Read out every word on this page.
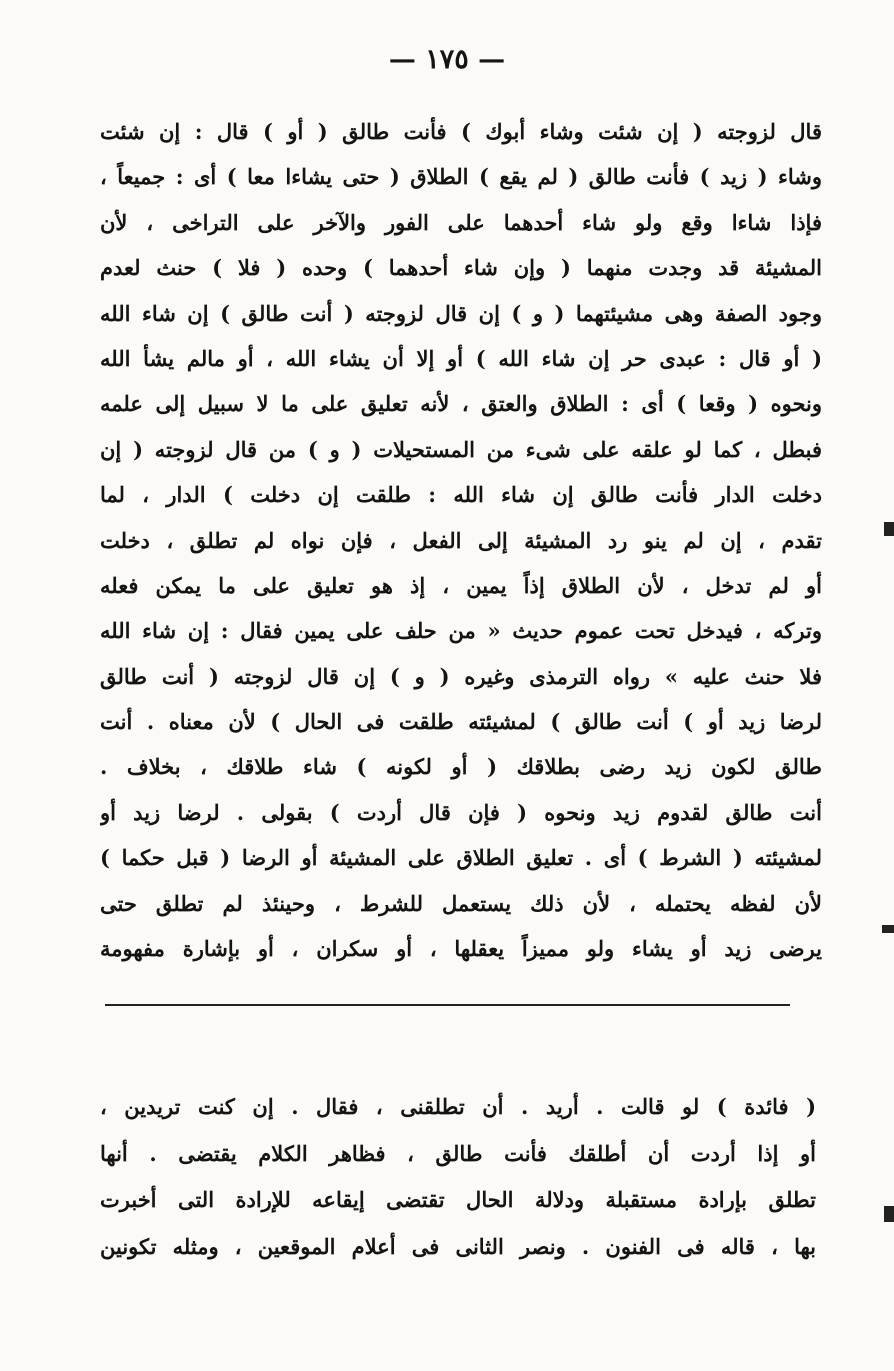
— ١٧٥ —
قال لزوجته ( إن شئت وشاء أبوك ) فأنت طالق ( أو ) قال : إن شئت
وشاء ( زيد ) فأنت طالق ( لم يقع ) الطلاق ( حتى يشاءا معا ) أى : جميعاً ،
فإذا شاءا وقع ولو شاء أحدهما على الفور والآخر على التراخى ، لأن
المشيئة قد وجدت منهما ( وإن شاء أحدهما ) وحده ( فلا ) حنث لعدم
وجود الصفة وهى مشيئتهما ( و ) إن قال لزوجته ( أنت طالق ) إن شاء الله
( أو قال : عبدى حر إن شاء الله ) أو إلا أن يشاء الله ، أو مالم يشأ الله
ونحوه ( وقعا ) أى : الطلاق والعتق ، لأنه تعليق على ما لا سبيل إلى علمه
فبطل ، كما لو علقه على شىء من المستحيلات ( و ) من قال لزوجته ( إن
دخلت الدار فأنت طالق إن شاء الله : طلقت إن دخلت ) الدار ، لما
تقدم ، إن لم ينو رد المشيئة إلى الفعل ، فإن نواه لم تطلق ، دخلت
أو لم تدخل ، لأن الطلاق إذاً يمين ، إذ هو تعليق على ما يمكن فعله
وتركه ، فيدخل تحت عموم حديث « من حلف على يمين فقال : إن شاء الله
فلا حنث عليه » رواه الترمذى وغيره ( و ) إن قال لزوجته ( أنت طالق
لرضا زيد أو ) أنت طالق ) لمشيئته طلقت فى الحال ) لأن معناه . أنت
طالق لكون زيد رضى بطلاقك ( أو لكونه ) شاء طلاقك ، بخلاف .
أنت طالق لقدوم زيد ونحوه ( فإن قال أردت ) بقولى . لرضا زيد أو
لمشيئته ( الشرط ) أى . تعليق الطلاق على المشيئة أو الرضا ( قبل حكما )
لأن لفظه يحتمله ، لأن ذلك يستعمل للشرط ، وحينئذ لم تطلق حتى
يرضى زيد أو يشاء ولو مميزاً يعقلها ، أو سكران ، أو بإشارة مفهومة
( فائدة ) لو قالت . أريد . أن تطلقنى ، فقال . إن كنت تريدين ،
أو إذا أردت أن أطلقك فأنت طالق ، فظاهر الكلام يقتضى . أنها
تطلق بإرادة مستقبلة ودلالة الحال تقتضى إيقاعه للإرادة التى أخبرت
بها ، قاله فى الفنون . ونصر الثانى فى أعلام الموقعين ، ومثله تكونين
